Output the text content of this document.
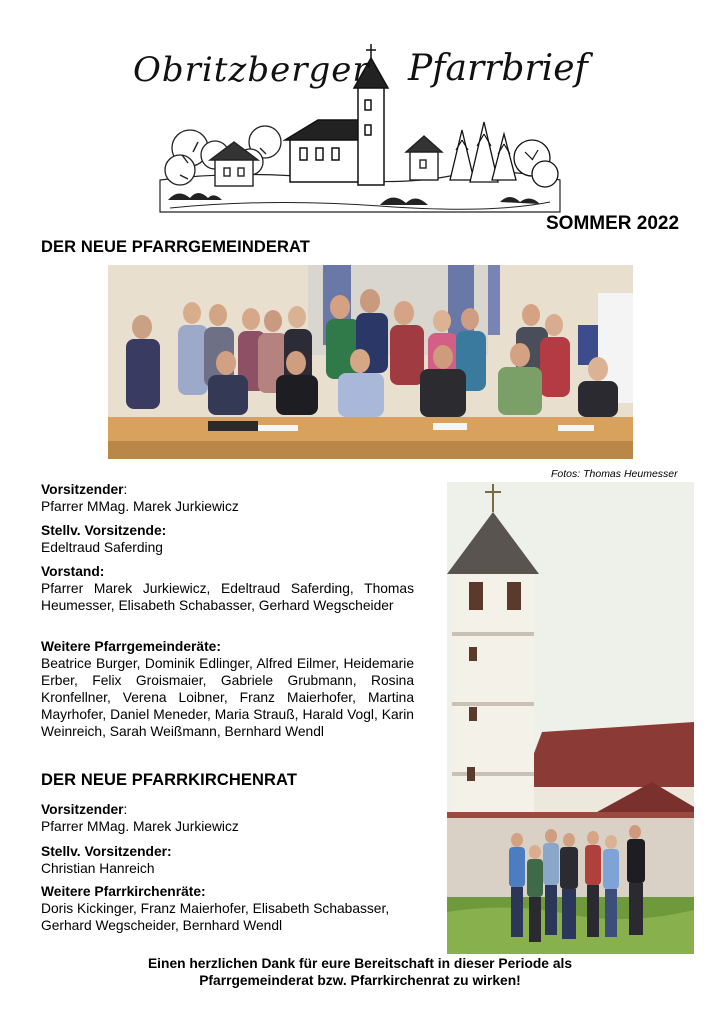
Obritzberger Pfarrbrief
SOMMER 2022
DER NEUE PFARRGEMEINDERAT
Fotos: Thomas Heumesser

Vorsitzender:

Pfarrer MMag. Marek Jurkiewicz

Stellv. Vorsitzende:

Edeltraud Saferding

Vorstand:

Pfarrer Marek Jurkiewicz, Edeltraud Saferding, Thomas Heumesser, Elisabeth Schabasser, Gerhard Wegscheider

Weitere Pfarrgemeinderäte:

Beatrice Burger, Dominik Edlinger, Alfred Eilmer, Heidemarie Erber, Felix Groismaier, Gabriele Grubmann, Rosina Kronfellner, Verena Loibner, Franz Maierhofer, Martina Mayrhofer, Daniel Meneder, Maria Strauß, Harald Vogl, Karin Weinreich, Sarah Weißmann, Bernhard Wendl

DER NEUE PFARRKIRCHENRAT

Vorsitzender:

Pfarrer MMag. Marek Jurkiewicz

Stellv. Vorsitzender:

Christian Hanreich

Weitere Pfarrkirchenräte:

Doris Kickinger, Franz Maierhofer, Elisabeth Schabasser, Gerhard Wegscheider, Bernhard Wendl

Einen herzlichen Dank für eure Bereitschaft in dieser Periode als
Pfarrgemeinderat bzw. Pfarrkirchenrat zu wirken!
